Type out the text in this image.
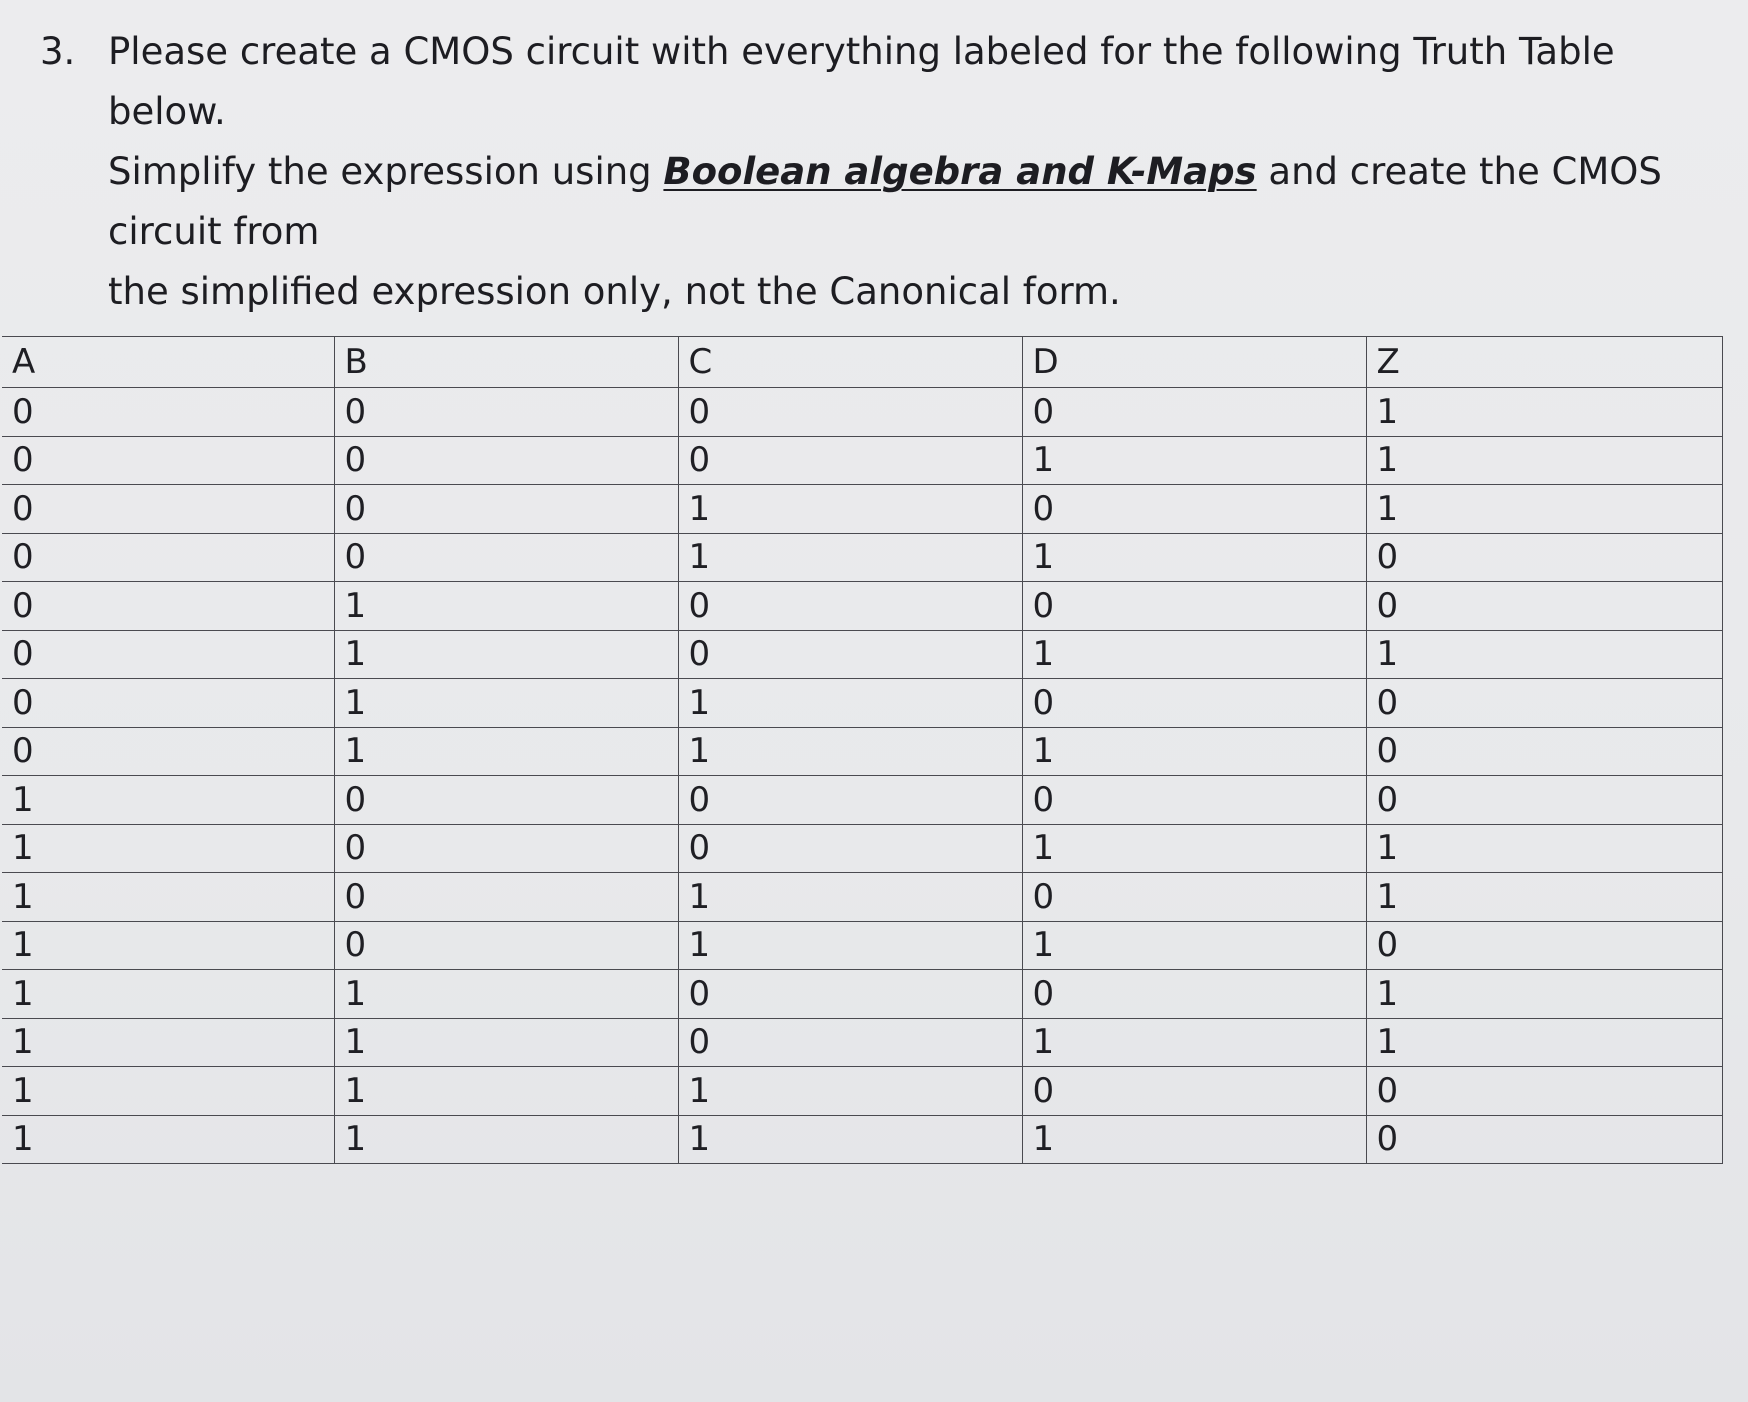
3. Please create a CMOS circuit with everything labeled for the following Truth Table below.
Simplify the expression using Boolean algebra and K-Maps and create the CMOS circuit from
the simplified expression only, not the Canonical form.
A	B	C	D	Z
0	0	0	0	1
0	0	0	1	1
0	0	1	0	1
0	0	1	1	0
0	1	0	0	0
0	1	0	1	1
0	1	1	0	0
0	1	1	1	0
1	0	0	0	0
1	0	0	1	1
1	0	1	0	1
1	0	1	1	0
1	1	0	0	1
1	1	0	1	1
1	1	1	0	0
1	1	1	1	0
